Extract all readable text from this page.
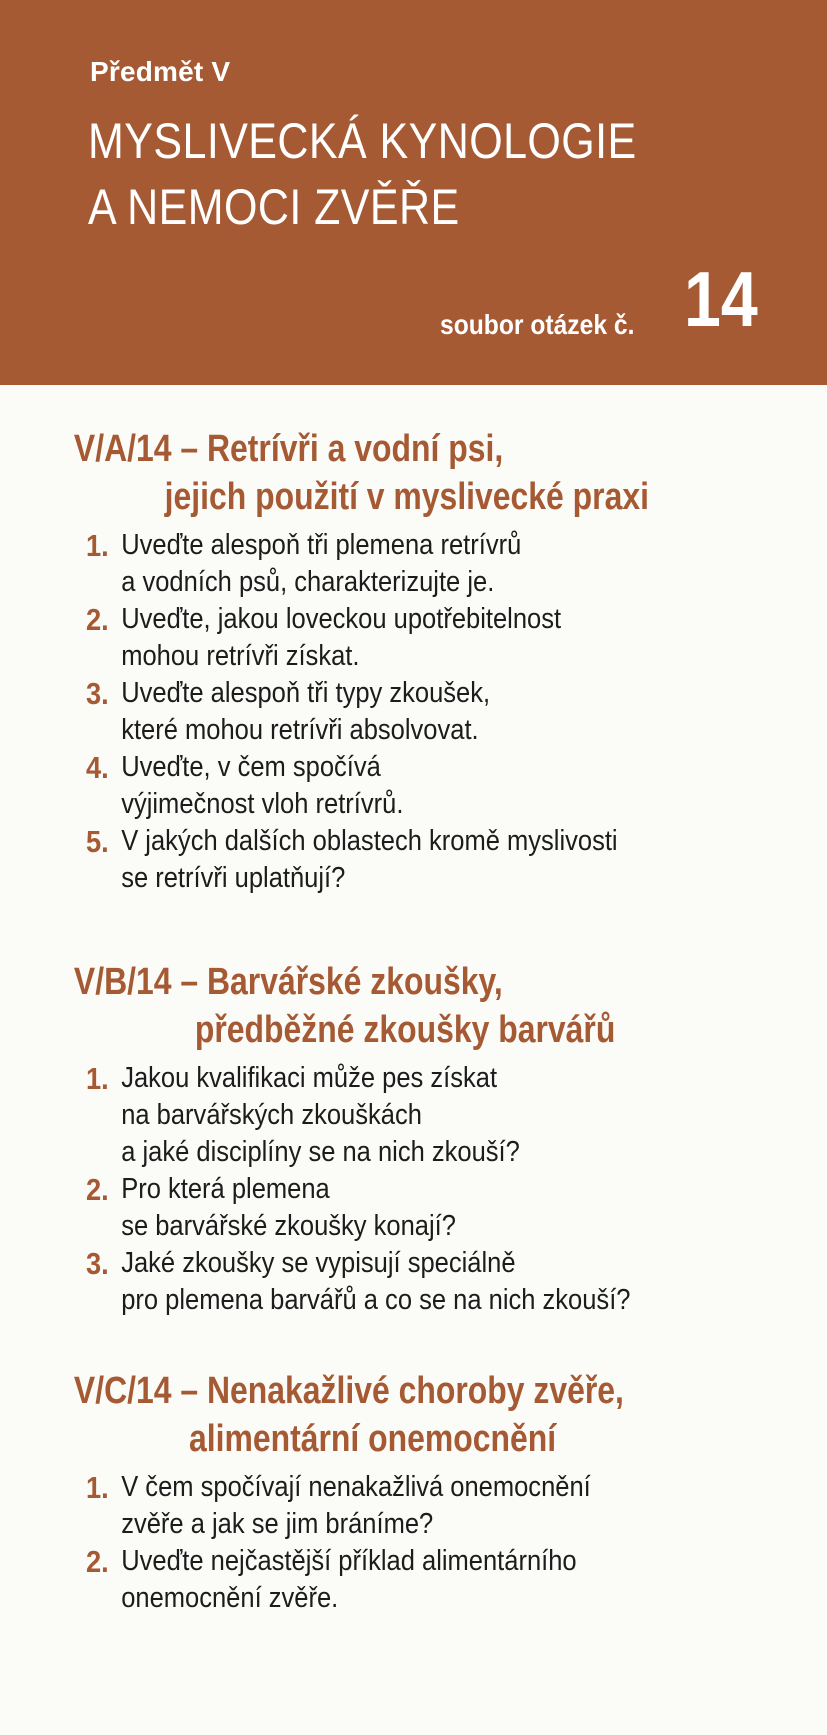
Předmět V
MYSLIVECKÁ KYNOLOGIE
A NEMOCI ZVĚŘE
soubor otázek č. 14
V/A/14 – Retrívři a vodní psi,
jejich použití v myslivecké praxi
1. Uveďte alespoň tři plemena retrívrů
a vodních psů, charakterizujte je.
2. Uveďte, jakou loveckou upotřebitelnost
mohou retrívři získat.
3. Uveďte alespoň tři typy zkoušek,
které mohou retrívři absolvovat.
4. Uveďte, v čem spočívá
výjimečnost vloh retrívrů.
5. V jakých dalších oblastech kromě myslivosti
se retrívři uplatňují?
V/B/14 – Barvářské zkoušky,
předběžné zkoušky barvářů
1. Jakou kvalifikaci může pes získat
na barvářských zkouškách
a jaké disciplíny se na nich zkouší?
2. Pro která plemena
se barvářské zkoušky konají?
3. Jaké zkoušky se vypisují speciálně
pro plemena barvářů a co se na nich zkouší?
V/C/14 – Nenakažlivé choroby zvěře,
alimentární onemocnění
1. V čem spočívají nenakažlivá onemocnění
zvěře a jak se jim bráníme?
2. Uveďte nejčastější příklad alimentárního
onemocnění zvěře.
